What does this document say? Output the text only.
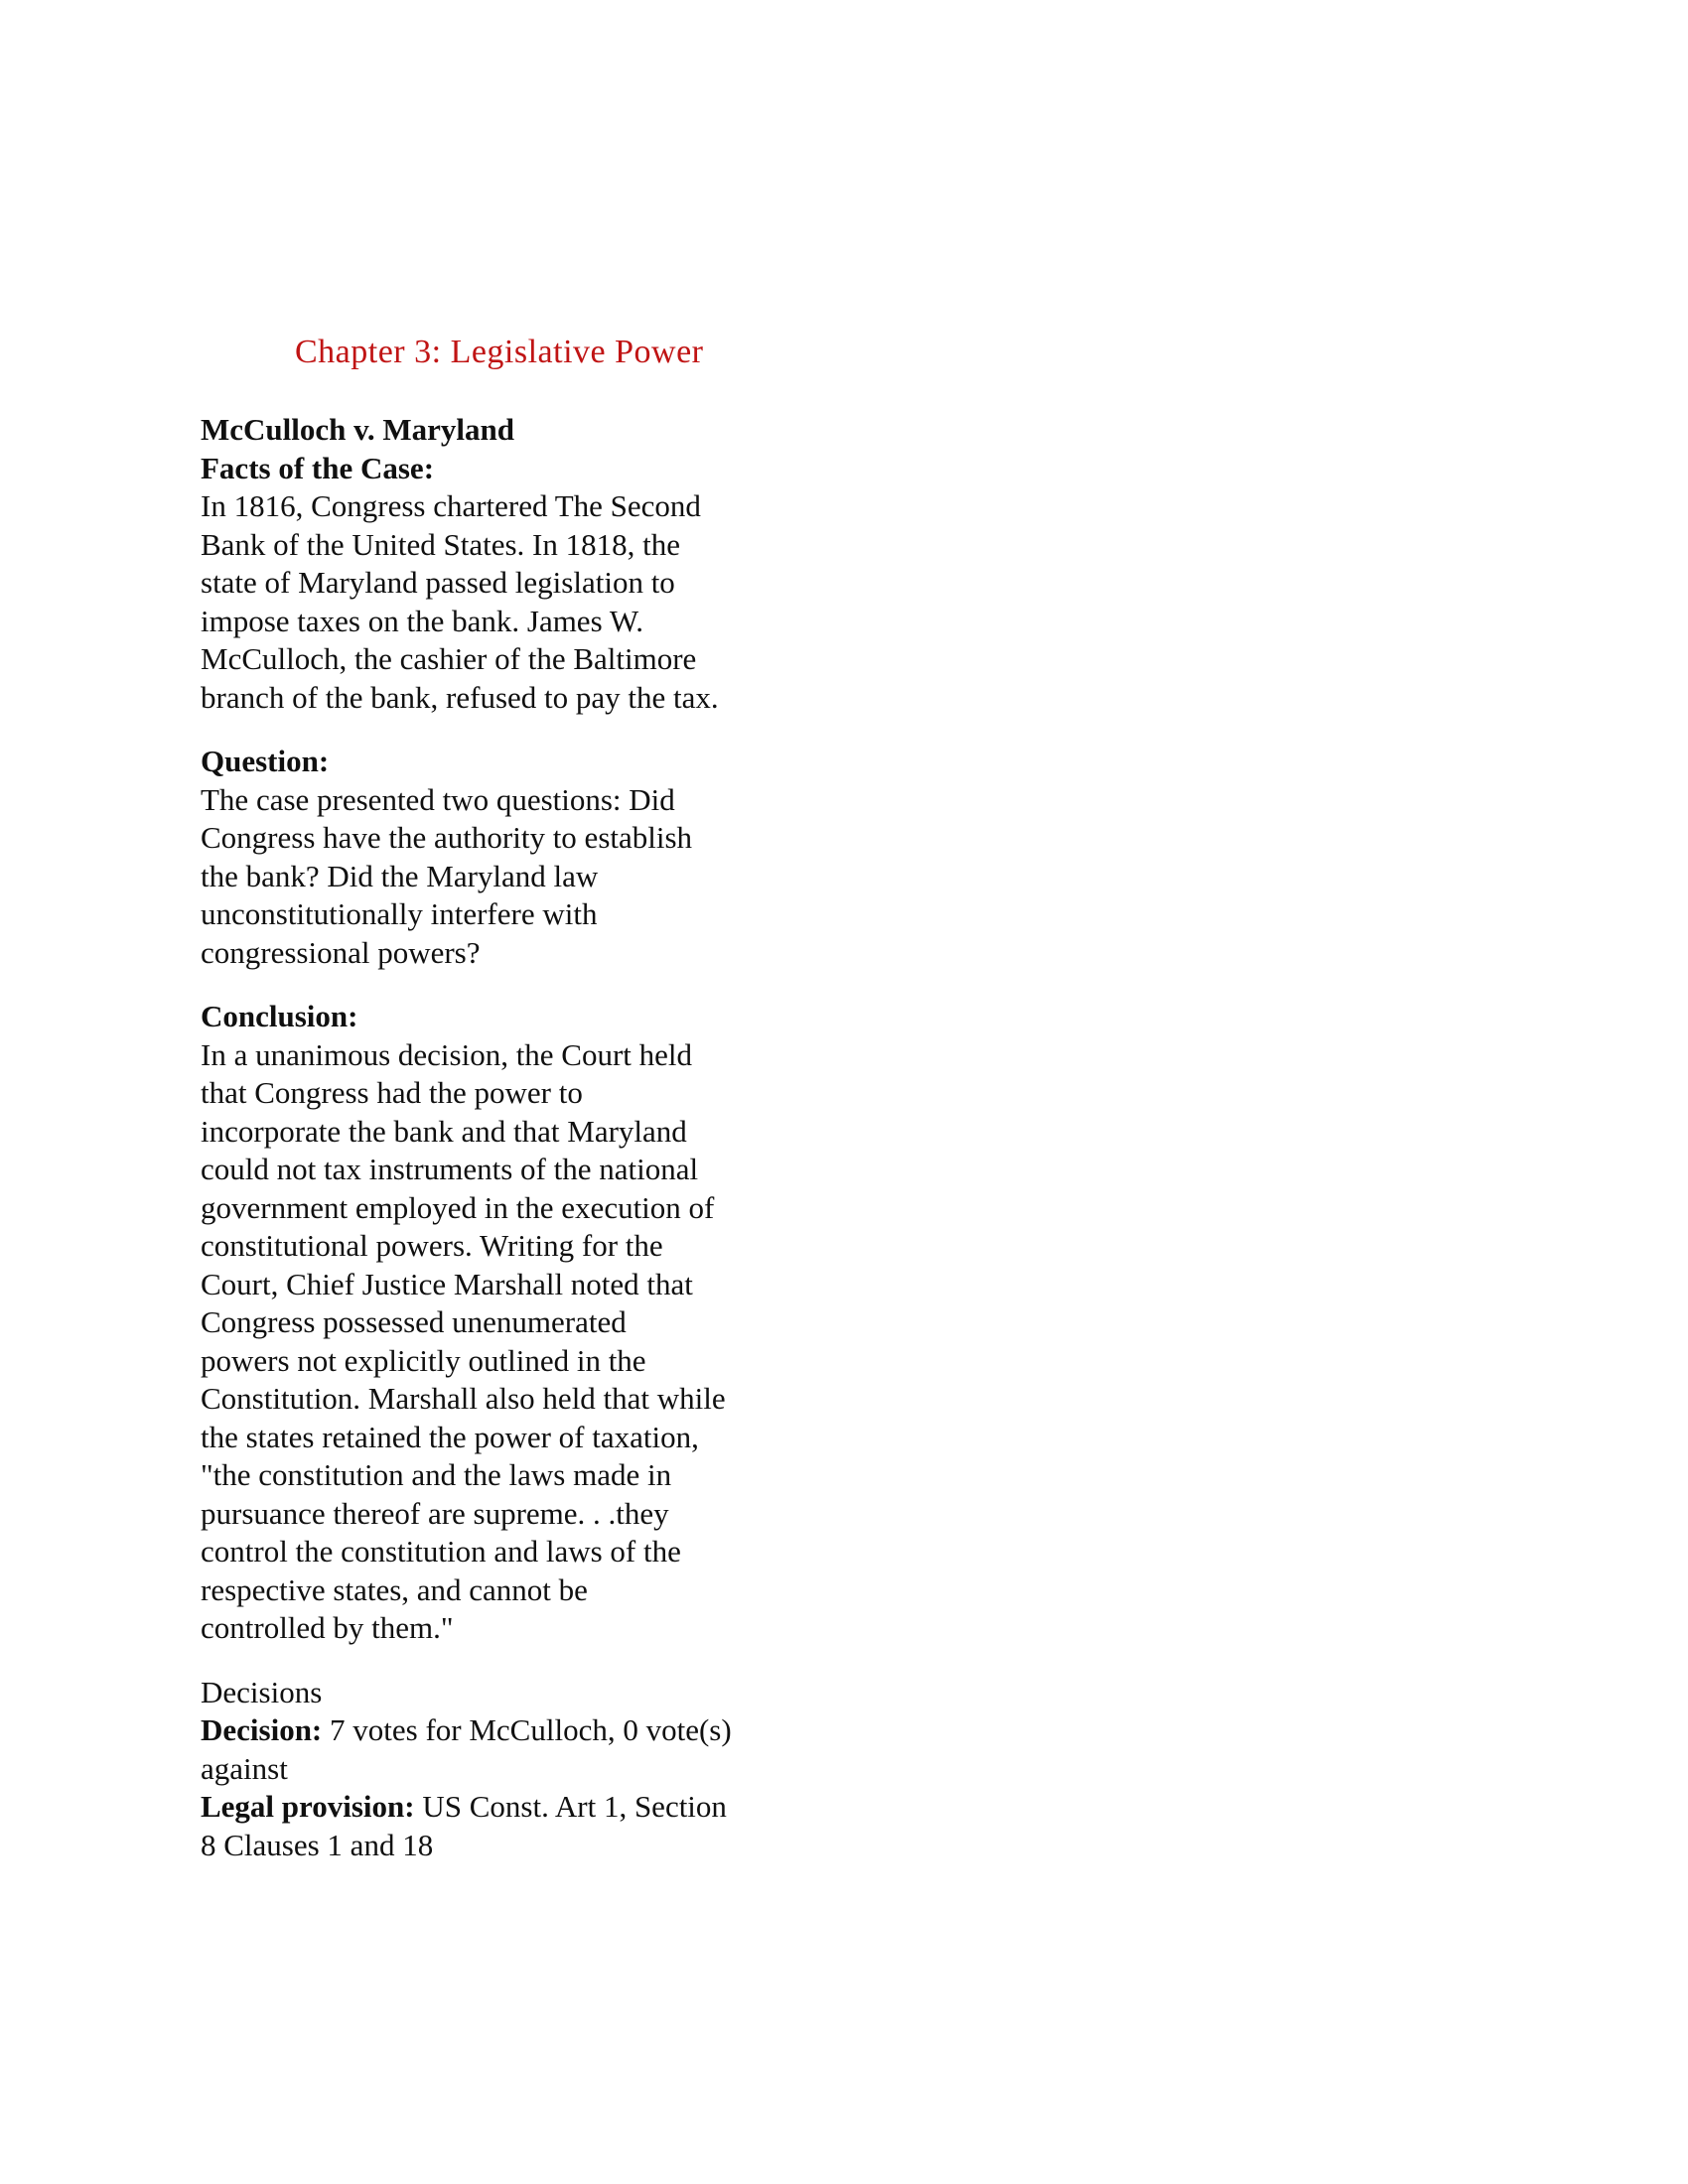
Chapter 3: Legislative Power
McCulloch v. Maryland
Facts of the Case:
In 1816, Congress chartered The Second
Bank of the United States. In 1818, the
state of Maryland passed legislation to
impose taxes on the bank. James W.
McCulloch, the cashier of the Baltimore
branch of the bank, refused to pay the tax.
Question:
The case presented two questions: Did
Congress have the authority to establish
the bank? Did the Maryland law
unconstitutionally interfere with
congressional powers?
Conclusion:
In a unanimous decision, the Court held
that Congress had the power to
incorporate the bank and that Maryland
could not tax instruments of the national
government employed in the execution of
constitutional powers. Writing for the
Court, Chief Justice Marshall noted that
Congress possessed unenumerated
powers not explicitly outlined in the
Constitution. Marshall also held that while
the states retained the power of taxation,
"the constitution and the laws made in
pursuance thereof are supreme. . .they
control the constitution and laws of the
respective states, and cannot be
controlled by them."
Decisions
Decision: 7 votes for McCulloch, 0 vote(s)
against
Legal provision: US Const. Art 1, Section
8 Clauses 1 and 18
